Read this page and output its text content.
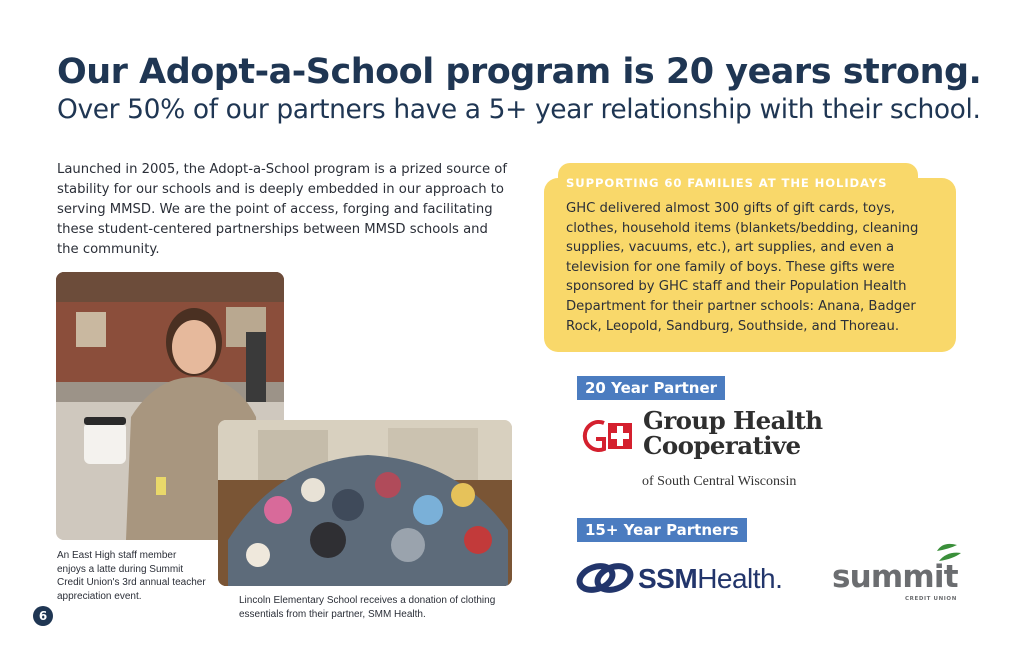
Our Adopt-a-School program is 20 years strong.
Over 50% of our partners have a 5+ year relationship with their school.
Launched in 2005, the Adopt-a-School program is a prized source of stability for our schools and is deeply embedded in our approach to serving MMSD. We are the point of access, forging and facilitating these student-centered partnerships between MMSD schools and the community.
An East High staff member enjoys a latte during Summit Credit Union's 3rd annual teacher appreciation event.	Lincoln Elementary School receives a donation of clothing essentials from their partner, SMM Health.
6
SUPPORTING 60 FAMILIES AT THE HOLIDAYS
GHC delivered almost 300 gifts of gift cards, toys, clothes, household items (blankets/bedding, cleaning supplies, vacuums, etc.), art supplies, and even a television for one family of boys. These gifts were sponsored by GHC staff and their Population Health Department for their partner schools: Anana, Badger Rock, Leopold, Sandburg, Southside, and Thoreau.
20 Year Partner
Group Health
Cooperative
of South Central Wisconsin
15+ Year Partners
SSMHealth. summit
CREDIT UNION
